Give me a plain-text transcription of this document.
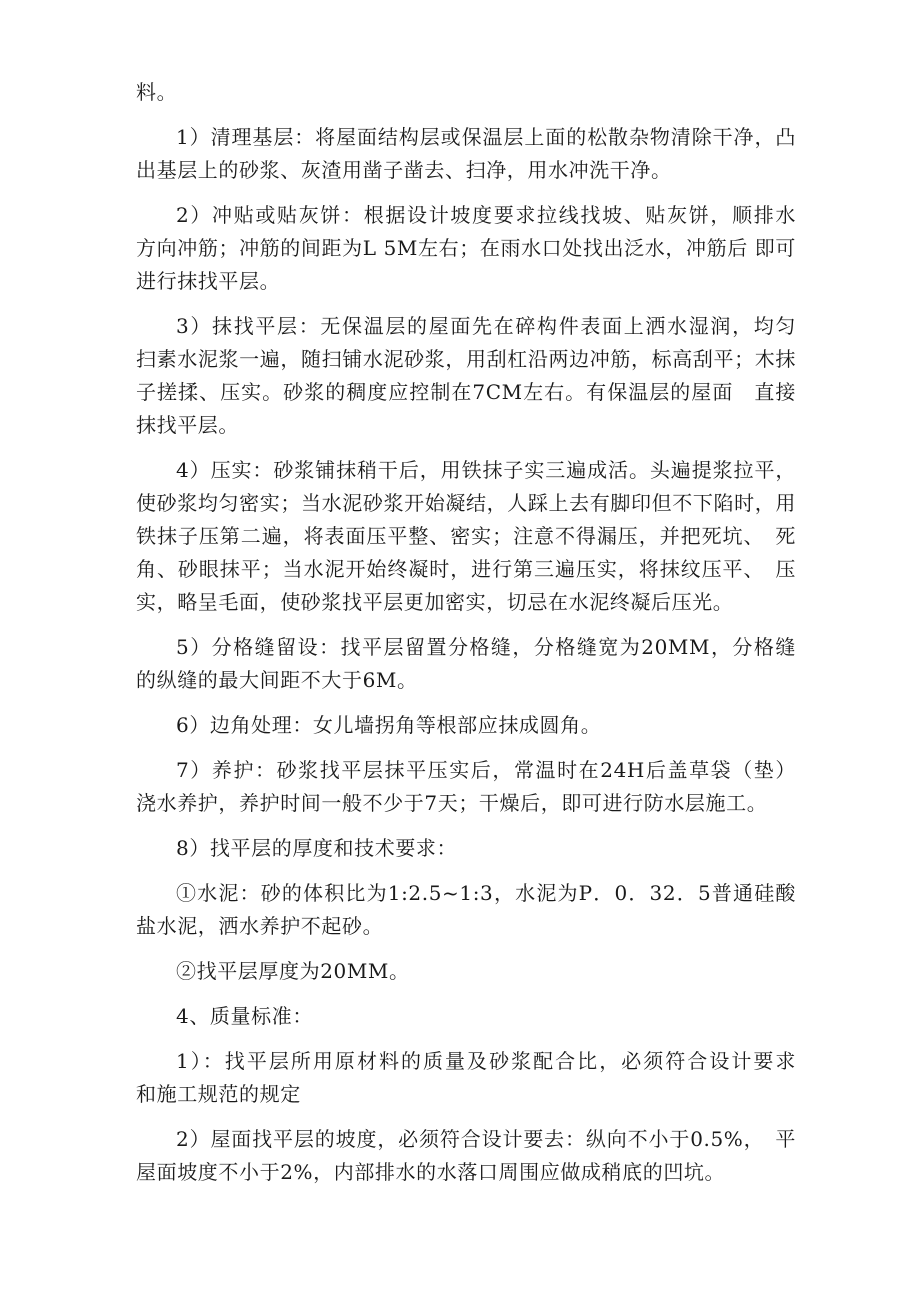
料。

1）清理基层：将屋面结构层或保温层上面的松散杂物清除干净，凸出基层上的砂浆、灰渣用凿子凿去、扫净，用水冲洗干净。

2）冲贴或贴灰饼：根据设计坡度要求拉线找坡、贴灰饼，顺排水　方向冲筋；冲筋的间距为L 5M左右；在雨水口处找出泛水，冲筋后 即可进行抹找平层。

3）抹找平层：无保温层的屋面先在碎构件表面上洒水湿润，均匀　扫素水泥浆一遍，随扫铺水泥砂浆，用刮杠沿两边冲筋，标高刮平；木抹子搓揉、压实。砂浆的稠度应控制在7CM左右。有保温层的屋面　直接抹找平层。

4）压实：砂浆铺抹稍干后，用铁抹子实三遍成活。头遍提浆拉平，使砂浆均匀密实；当水泥砂浆开始凝结，人踩上去有脚印但不下陷时，用铁抹子压第二遍，将表面压平整、密实；注意不得漏压，并把死坑、　死角、砂眼抹平；当水泥开始终凝时，进行第三遍压实，将抹纹压平、　压实，略呈毛面，使砂浆找平层更加密实，切忌在水泥终凝后压光。

5）分格缝留设：找平层留置分格缝，分格缝宽为20MM，分格缝 的纵缝的最大间距不大于6M。

6）边角处理：女儿墙拐角等根部应抹成圆角。

7）养护：砂浆找平层抹平压实后，常温时在24H后盖草袋（垫） 浇水养护，养护时间一般不少于7天；干燥后，即可进行防水层施工。

8）找平层的厚度和技术要求：

①水泥：砂的体积比为1:2.5~1:3，水泥为P．0．32．5普通硅酸 盐水泥，洒水养护不起砂。

②找平层厚度为20MM。

4、质量标准：

1）：找平层所用原材料的质量及砂浆配合比，必须符合设计要求　和施工规范的规定

2）屋面找平层的坡度，必须符合设计要去：纵向不小于0.5%，　平屋面坡度不小于2%，内部排水的水落口周围应做成稍底的凹坑。
